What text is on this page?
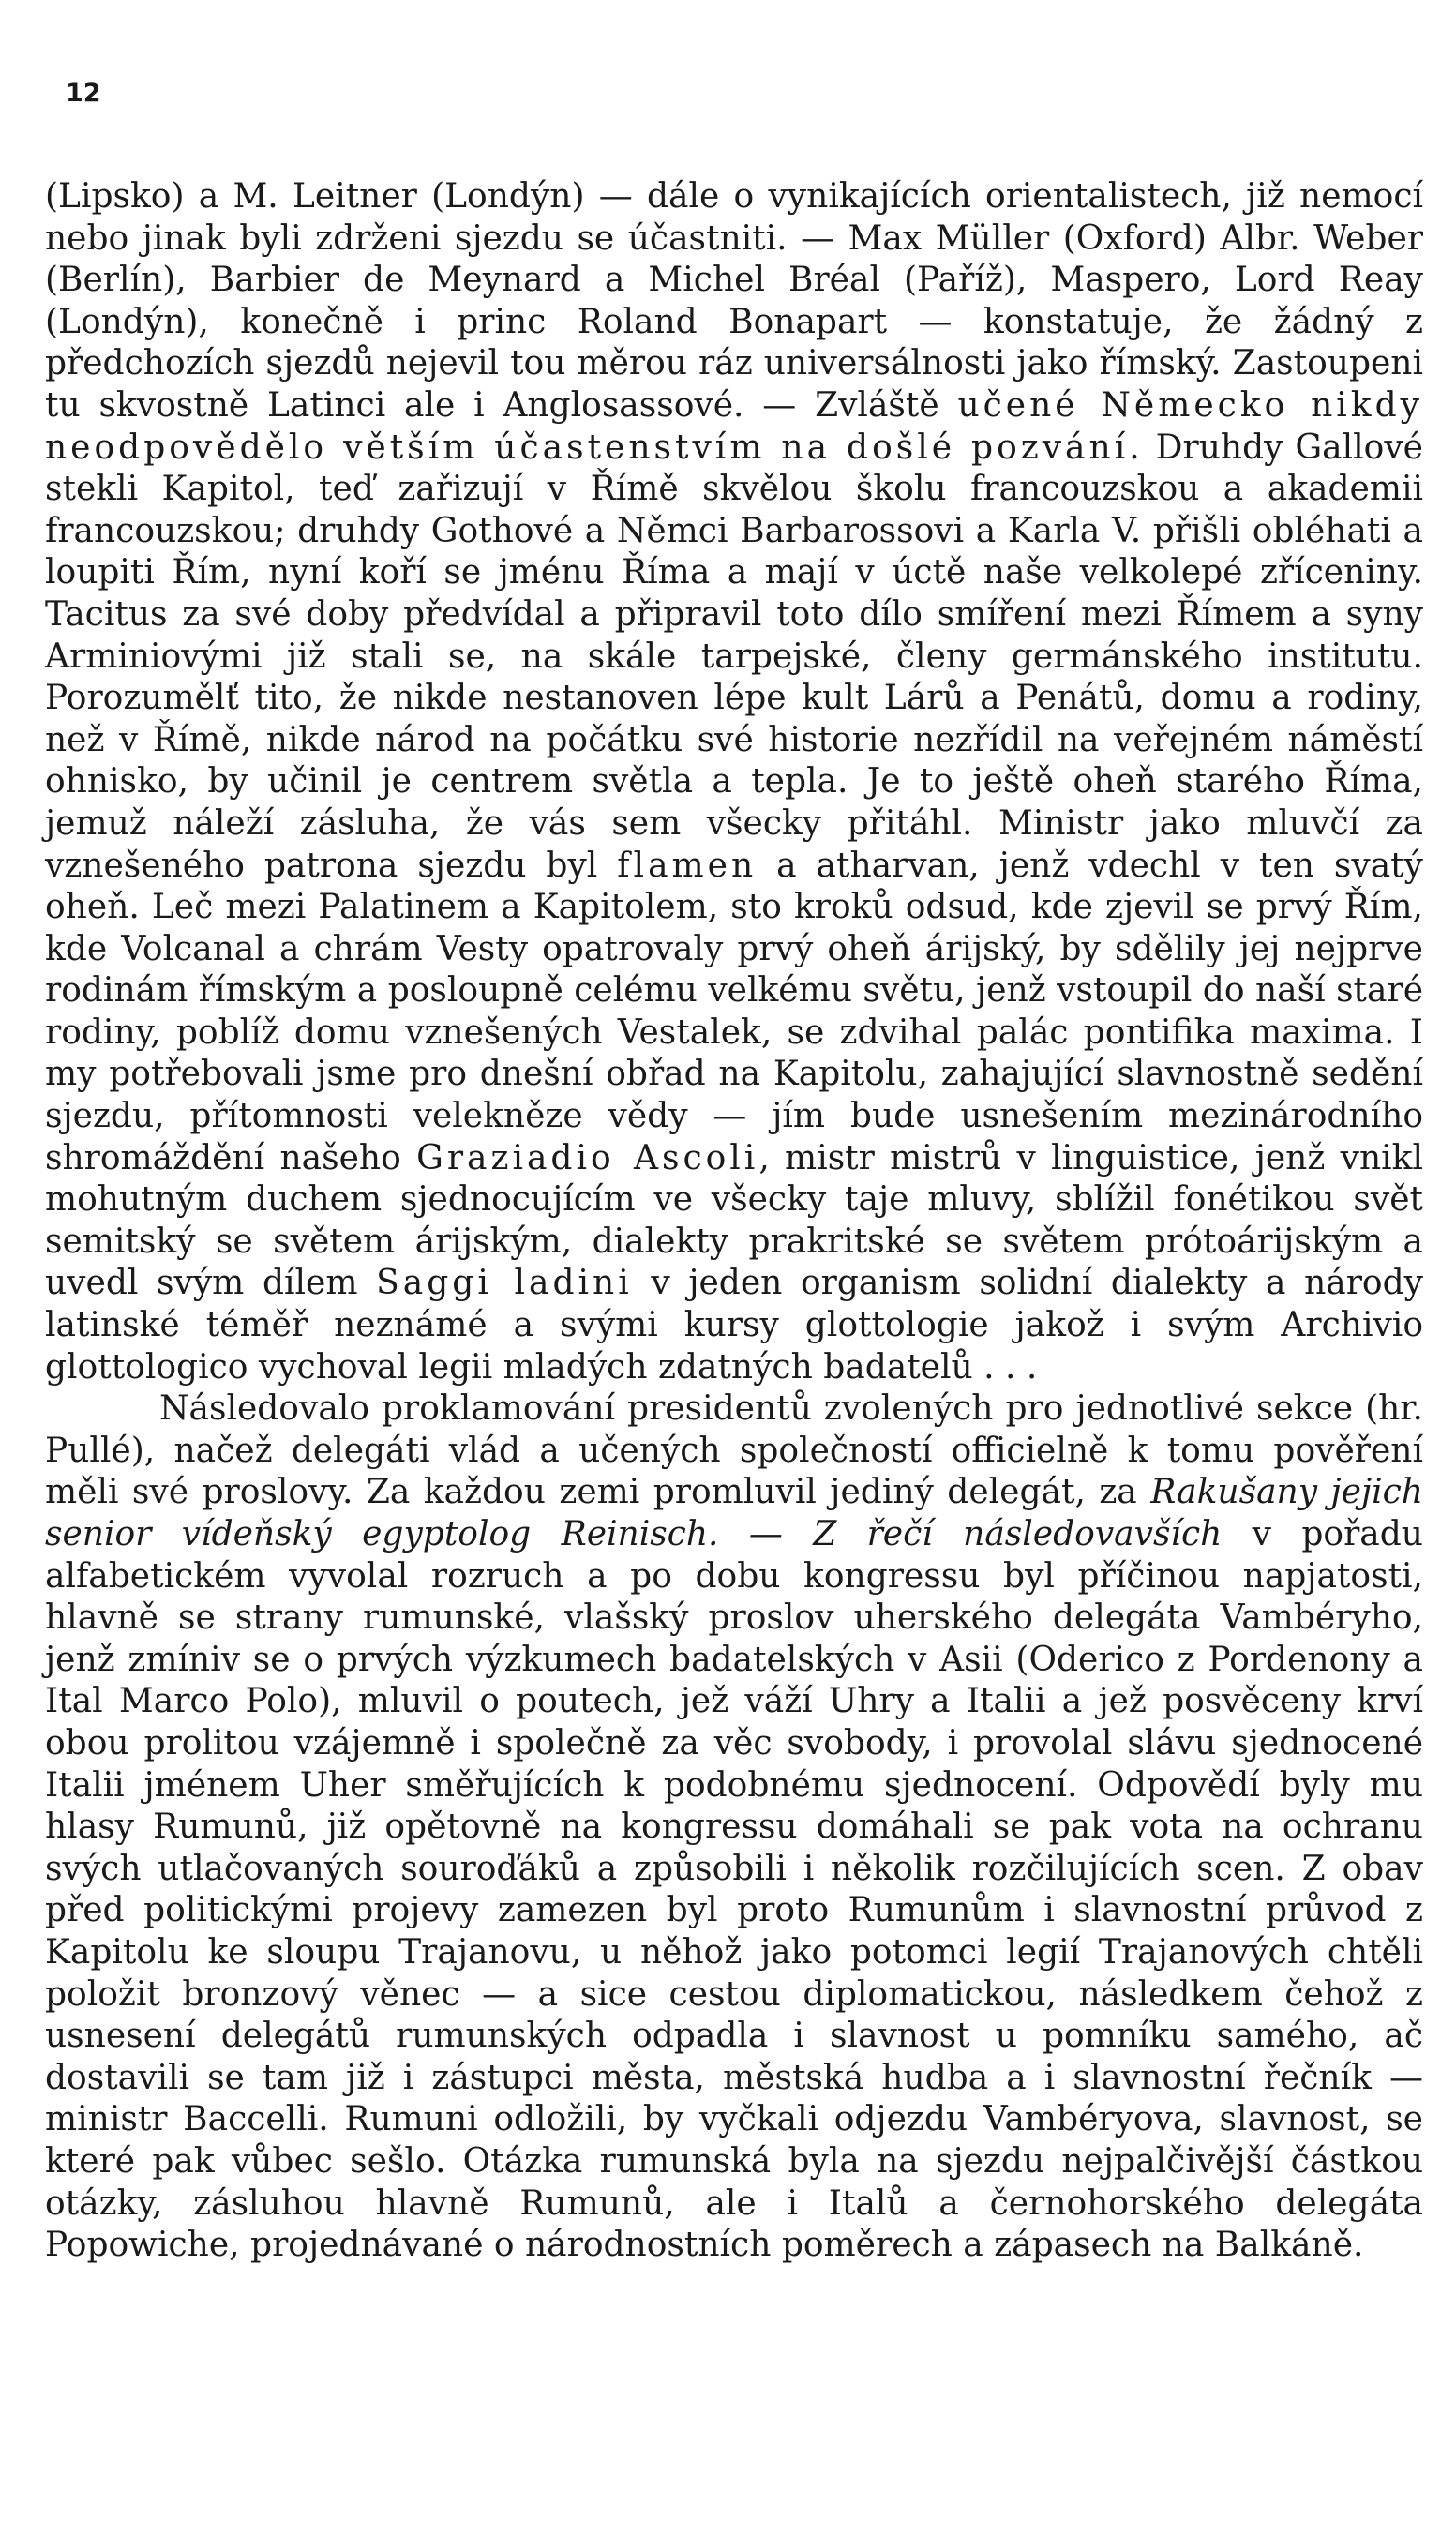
12

(Lipsko) a M. Leitner (Londýn) — dále o vynikajících orientalistech, již nemocí nebo jinak byli zdrženi sjezdu se účastniti. — Max Müller (Oxford) Albr. Weber (Berlín), Barbier de Meynard a Michel Bréal (Paříž), Maspero, Lord Reay (Londýn), konečně i princ Roland Bonapart — konstatuje, že žádný z předchozích sjezdů nejevil tou měrou ráz universálnosti jako římský. Zastoupeni tu skvostně Latinci ale i Anglosassové. — Zvláště učené Německo nikdy neodpovědělo větším účastenstvím na došlé pozvání. Druhdy Gallové stekli Kapitol, teď zařizují v Římě skvělou školu francouzskou a akademii francouzskou; druhdy Gothové a Němci Barbarossovi a Karla V. přišli obléhati a loupiti Řím, nyní koří se jménu Říma a mají v úctě naše velkolepé zříceniny. Tacitus za své doby předvídal a připravil toto dílo smíření mezi Římem a syny Arminiovými již stali se, na skále tarpejské, členy germánského institutu. Porozumělť tito, že nikde nestanoven lépe kult Lárů a Penátů, domu a rodiny, než v Římě, nikde národ na počátku své historie nezřídil na veřejném náměstí ohnisko, by učinil je centrem světla a tepla. Je to ještě oheň starého Říma, jemuž náleží zásluha, že vás sem všecky přitáhl. Ministr jako mluvčí za vznešeného patrona sjezdu byl flamen a atharvan, jenž vdechl v ten svatý oheň. Leč mezi Palatinem a Kapitolem, sto kroků odsud, kde zjevil se prvý Řím, kde Volcanal a chrám Vesty opatrovaly prvý oheň árijský, by sdělily jej nejprve rodinám římským a posloupně celému velkému světu, jenž vstoupil do naší staré rodiny, poblíž domu vznešených Vestalek, se zdvihal palác pontifika maxima. I my potřebovali jsme pro dnešní obřad na Kapitolu, zahajující slavnostně sedění sjezdu, přítomnosti velekněze vědy — jím bude usnešením mezinárodního shromáždění našeho Graziadio Ascoli, mistr mistrů v linguistice, jenž vnikl mohutným duchem sjednocujícím ve všecky taje mluvy, sblížil fonétikou svět semitský se světem árijským, dialekty prakritské se světem prótoárijským a uvedl svým dílem Saggi ladini v jeden organism solidní dialekty a národy latinské téměř neznámé a svými kursy glottologie jakož i svým Archivio glottologico vychoval legii mladých zdatných badatelů . . .

Následovalo proklamování presidentů zvolených pro jednotlivé sekce (hr. Pullé), načež delegáti vlád a učených společností officielně k tomu pověření měli své proslovy. Za každou zemi promluvil jediný delegát, za Rakušany jejich senior vídeňský egyptolog Reinisch. — Z řečí následovavších v pořadu alfabetickém vyvolal rozruch a po dobu kongressu byl příčinou napjatosti, hlavně se strany rumunské, vlašský proslov uherského delegáta Vambéryho, jenž zmíniv se o prvých výzkumech badatelských v Asii (Oderico z Pordenony a Ital Marco Polo), mluvil o poutech, jež váží Uhry a Italii a jež posvěceny krví obou prolitou vzájemně i společně za věc svobody, i provolal slávu sjednocené Italii jménem Uher směřujících k podobnému sjednocení. Odpovědí byly mu hlasy Rumunů, již opětovně na kongressu domáhali se pak vota na ochranu svých utlačovaných souroďáků a způsobili i několik rozčilujících scen. Z obav před politickými projevy zamezen byl proto Rumunům i slavnostní průvod z Kapitolu ke sloupu Trajanovu, u něhož jako potomci legií Trajanových chtěli položit bronzový věnec — a sice cestou diplomatickou, následkem čehož z usnesení delegátů rumunských odpadla i slavnost u pomníku samého, ač dostavili se tam již i zástupci města, městská hudba a i slavnostní řečník — ministr Baccelli. Rumuni odložili, by vyčkali odjezdu Vambéryova, slavnost, se které pak vůbec sešlo. Otázka rumunská byla na sjezdu nejpalčivější částkou otázky, zásluhou hlavně Rumunů, ale i Italů a černohorského delegáta Popowiche, projednávané o národnostních poměrech a zápasech na Balkáně.
